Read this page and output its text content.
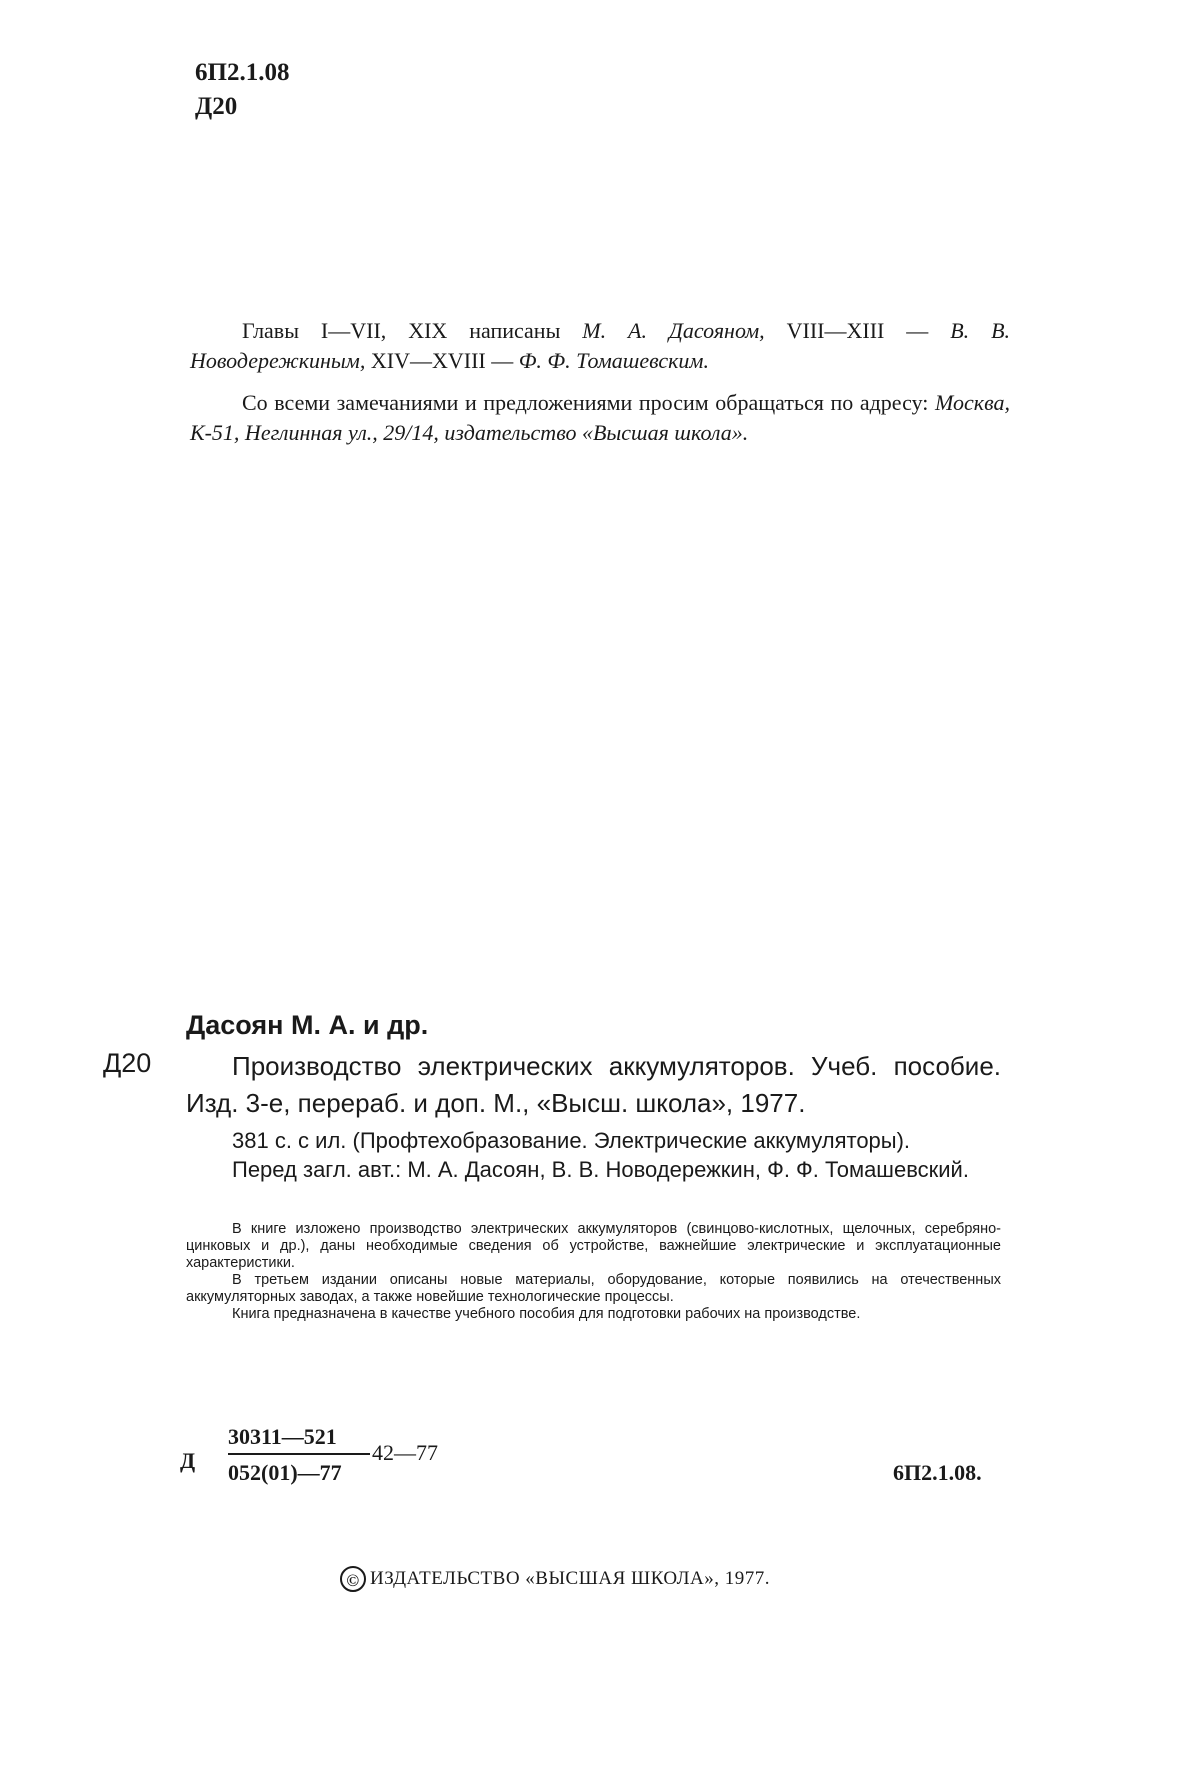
6П2.1.08
Д20

Главы I—VII, XIX написаны М. А. Дасояном, VIII—XIII — В. В. Новодережкиным, XIV—XVIII — Ф. Ф. Томашевским.

Со всеми замечаниями и предложениями просим обращаться по адресу: Москва, К-51, Неглинная ул., 29/14, издательство «Высшая школа».

Дасоян М. А. и др.
Д20	Производство электрических аккумуляторов. Учеб. пособие. Изд. 3-е, перераб. и доп. М., «Высш. школа», 1977.

381 с. с ил. (Профтехобразование. Электрические аккумуляторы).

Перед загл. авт.: М. А. Дасоян, В. В. Новодережкин, Ф. Ф. Томашевский.

В книге изложено производство электрических аккумуляторов (свинцово-кислотных, щелочных, серебряно-цинковых и др.), даны необходимые сведения об устройстве, важнейшие электрические и эксплуатационные характеристики.

В третьем издании описаны новые материалы, оборудование, которые появились на отечественных аккумуляторных заводах, а также новейшие технологические процессы.

Книга предназначена в качестве учебного пособия для подготовки рабочих на производстве.

Д
30311—521
052(01)—77
42—77
6П2.1.08.
© ИЗДАТЕЛЬСТВО «ВЫСШАЯ ШКОЛА», 1977.
